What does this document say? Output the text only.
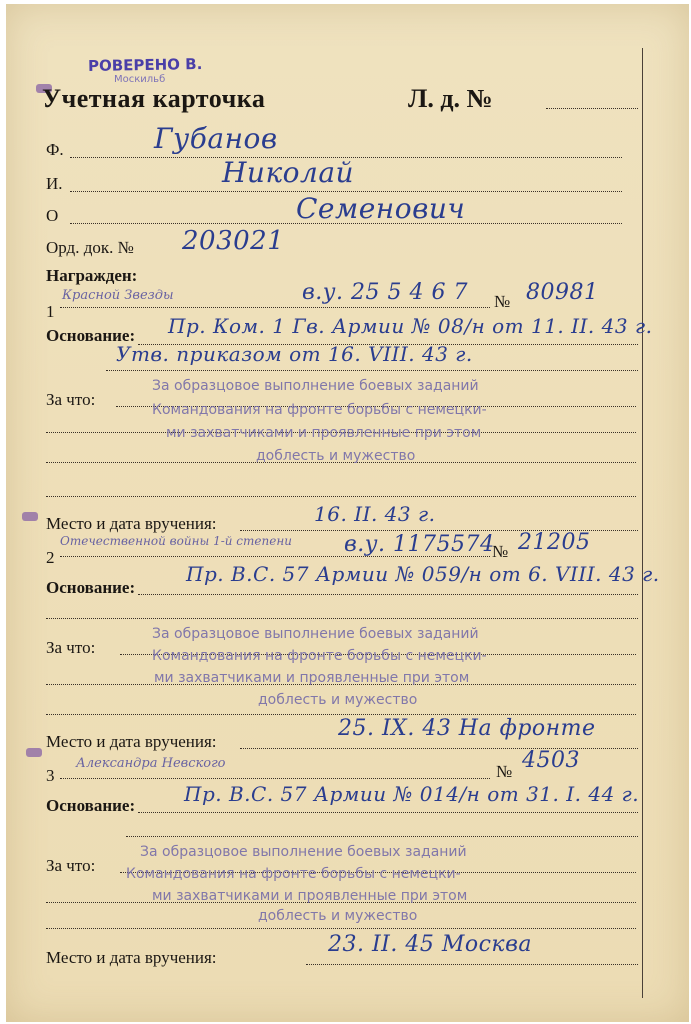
РОВЕРЕНО В.
Москильб
Учетная карточка	Л. д. №
Ф.	Губанов
И.	Николай
О	Семенович
Орд. док. № 203021
Награжден:
1
Красной Звезды	в.у. 25 5 4 6 7 № 80981
Основание: Пр. Ком. 1 Гв. Армии № 08/н от 11. II. 43 г.
Утв. приказом от 16. VIII. 43 г.
За что:
За образцовое выполнение боевых заданий
Командования на фронте борьбы с немецки-
ми захватчиками и проявленные при этом
доблесть и мужество
Место и дата вручения:	16. II. 43 г.
2
Отечественной войны 1-й степени в.у. 1175574
№ 21205
Основание:
Пр. В.С. 57 Армии № 059/н от 6. VIII. 43 г.
За что:
За образцовое выполнение боевых заданий
Командования на фронте борьбы с немецки-
ми захватчиками и проявленные при этом
доблесть и мужество
Место и дата вручения:
25. IX. 43 На фронте
3
Александра Невского	№ 4503
Основание: Пр. В.С. 57 Армии № 014/н от 31. I. 44 г.
За что:
За образцовое выполнение боевых заданий
Командования на фронте борьбы с немецки-
ми захватчиками и проявленные при этом
доблесть и мужество
Место и дата вручения:
23. II. 45 Москва
